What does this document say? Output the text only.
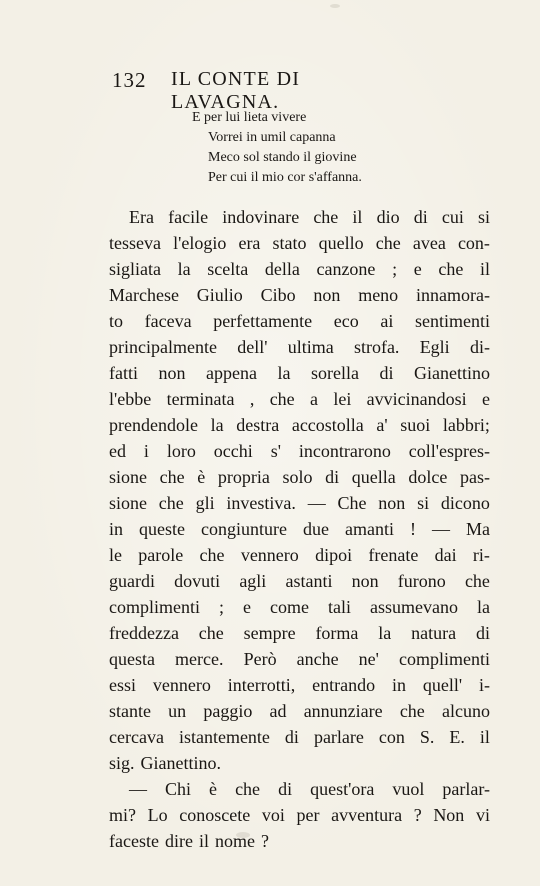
132 IL CONTE DI LAVAGNA.
E per lui lieta vivere
Vorrei in umil capanna
Meco sol stando il giovine
Per cui il mio cor s'affanna.
Era facile indovinare che il dio di cui si
tesseva l'elogio era stato quello che avea con-
sigliata la scelta della canzone ; e che il
Marchese Giulio Cibo non meno innamora-
to faceva perfettamente eco ai sentimenti
principalmente dell' ultima strofa. Egli di-
fatti non appena la sorella di Gianettino
l'ebbe terminata , che a lei avvicinandosi e
prendendole la destra accostolla a' suoi labbri;
ed i loro occhi s' incontrarono coll'espres-
sione che è propria solo di quella dolce pas-
sione che gli investiva. — Che non si dicono
in queste congiunture due amanti ! — Ma
le parole che vennero dipoi frenate dai ri-
guardi dovuti agli astanti non furono che
complimenti ; e come tali assumevano la
freddezza che sempre forma la natura di
questa merce. Però anche ne' complimenti
essi vennero interrotti, entrando in quell' i-
stante un paggio ad annunziare che alcuno
cercava istantemente di parlare con S. E. il
sig. Gianettino.
— Chi è che di quest'ora vuol parlar-
mi? Lo conoscete voi per avventura ? Non vi
faceste dire il nome ?
